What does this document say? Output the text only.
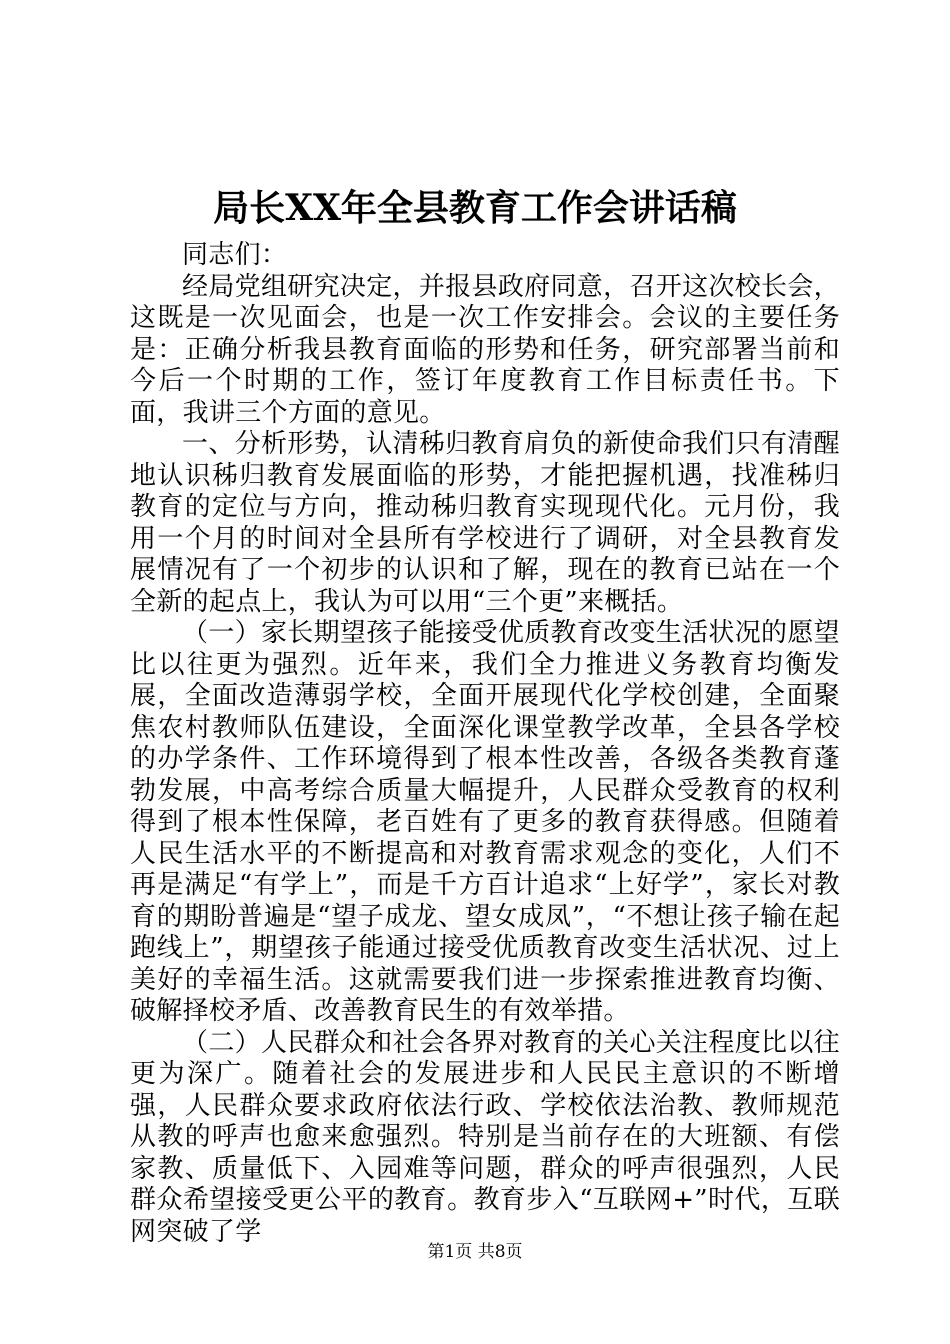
局长XX年全县教育工作会讲话稿

同志们：

经局党组研究决定，并报县政府同意，召开这次校长会，这既是一次见面会，也是一次工作安排会。会议的主要任务是：正确分析我县教育面临的形势和任务，研究部署当前和今后一个时期的工作，签订年度教育工作目标责任书。下面，我讲三个方面的意见。

一、分析形势，认清秭归教育肩负的新使命我们只有清醒地认识秭归教育发展面临的形势，才能把握机遇，找准秭归教育的定位与方向，推动秭归教育实现现代化。元月份，我用一个月的时间对全县所有学校进行了调研，对全县教育发展情况有了一个初步的认识和了解，现在的教育已站在一个全新的起点上，我认为可以用“三个更”来概括。

（一）家长期望孩子能接受优质教育改变生活状况的愿望比以往更为强烈。近年来，我们全力推进义务教育均衡发展，全面改造薄弱学校，全面开展现代化学校创建，全面聚焦农村教师队伍建设，全面深化课堂教学改革，全县各学校的办学条件、工作环境得到了根本性改善，各级各类教育蓬勃发展，中高考综合质量大幅提升，人民群众受教育的权利得到了根本性保障，老百姓有了更多的教育获得感。但随着人民生活水平的不断提高和对教育需求观念的变化，人们不再是满足“有学上”，而是千方百计追求“上好学”，家长对教育的期盼普遍是“望子成龙、望女成凤”，“不想让孩子输在起跑线上”，期望孩子能通过接受优质教育改变生活状况、过上美好的幸福生活。这就需要我们进一步探索推进教育均衡、破解择校矛盾、改善教育民生的有效举措。

（二）人民群众和社会各界对教育的关心关注程度比以往更为深广。随着社会的发展进步和人民民主意识的不断增强，人民群众要求政府依法行政、学校依法治教、教师规范从教的呼声也愈来愈强烈。特别是当前存在的大班额、有偿家教、质量低下、入园难等问题，群众的呼声很强烈，人民群众希望接受更公平的教育。教育步入“互联网+”时代，互联网突破了学

第1页 共8页
